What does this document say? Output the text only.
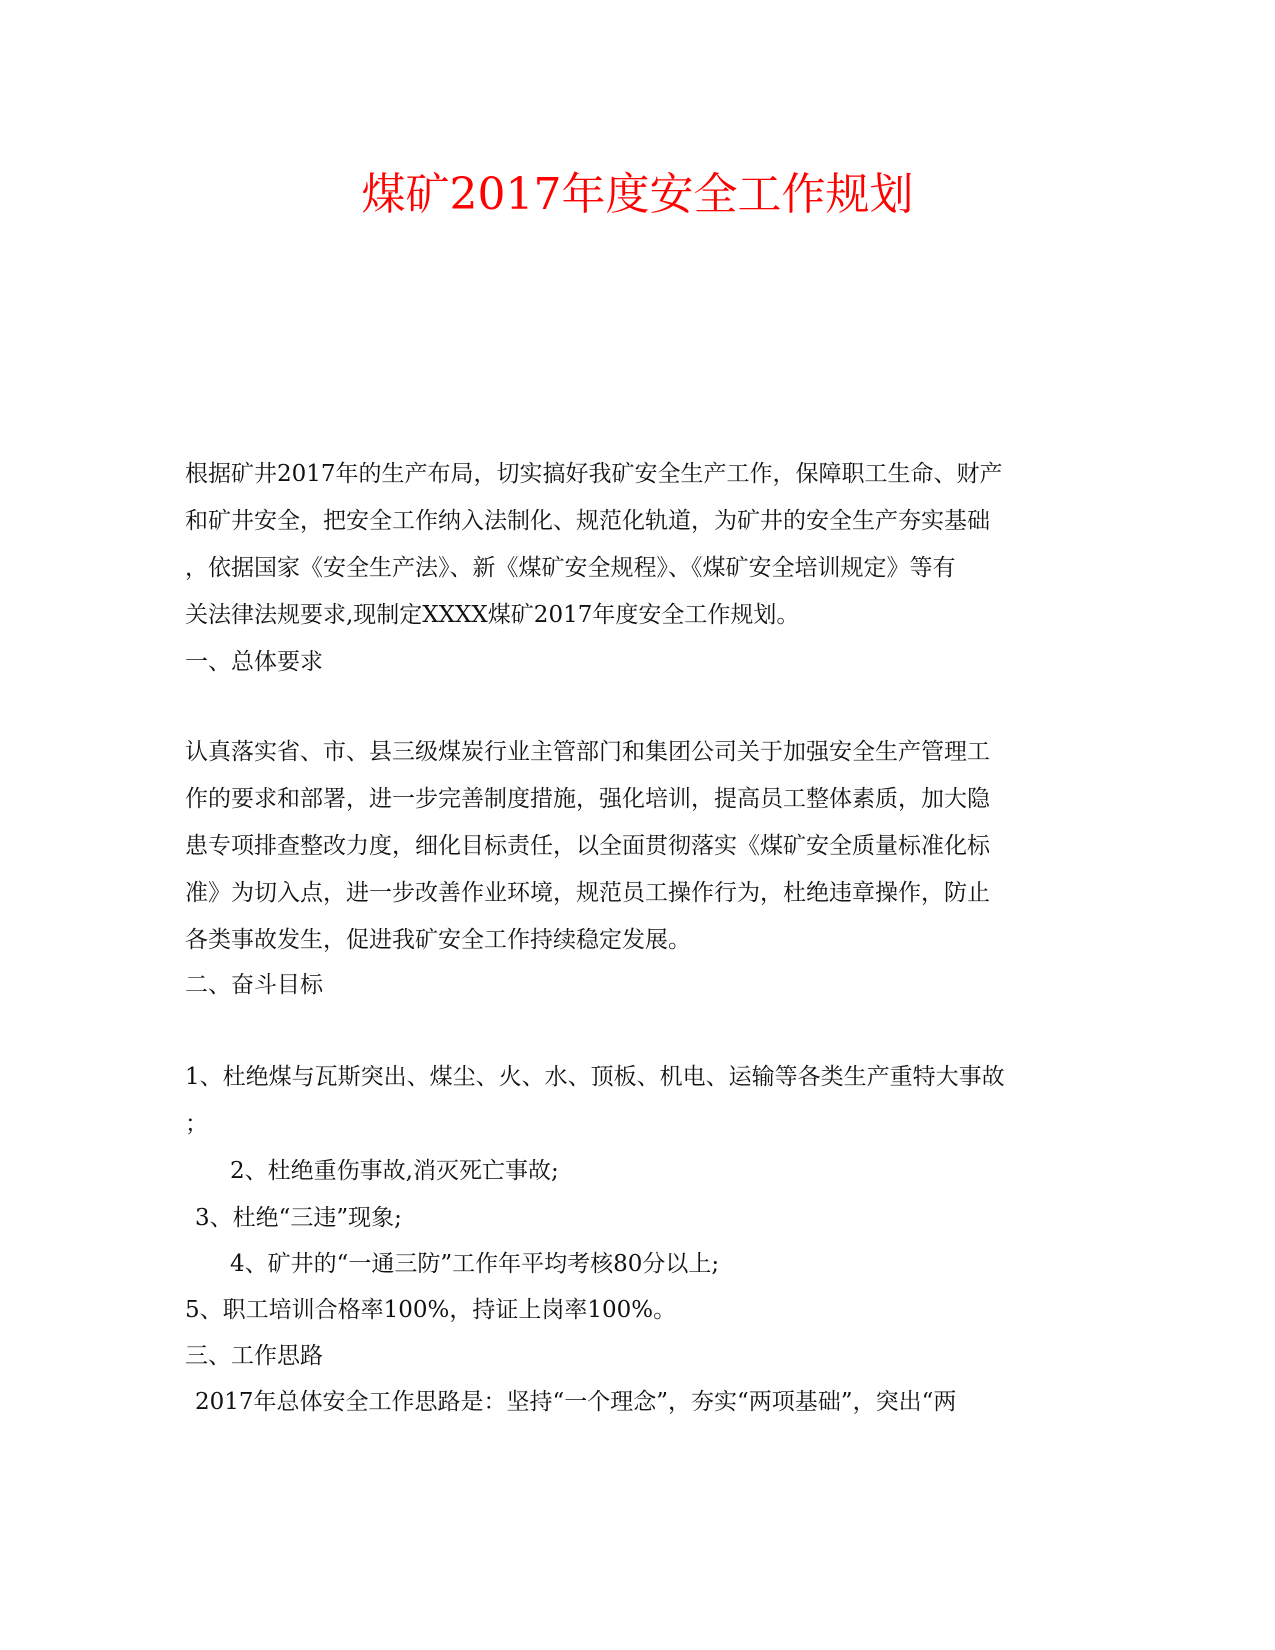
煤矿2017年度安全工作规划

根据矿井2017年的生产布局，切实搞好我矿安全生产工作，保障职工生命、财产

和矿井安全，把安全工作纳入法制化、规范化轨道，为矿井的安全生产夯实基础

，依据国家《安全生产法》、新《煤矿安全规程》、《煤矿安全培训规定》等有

关法律法规要求,现制定XXXX煤矿2017年度安全工作规划。

一、总体要求

认真落实省、市、县三级煤炭行业主管部门和集团公司关于加强安全生产管理工

作的要求和部署，进一步完善制度措施，强化培训，提高员工整体素质，加大隐

患专项排查整改力度，细化目标责任，以全面贯彻落实《煤矿安全质量标准化标

准》为切入点，进一步改善作业环境，规范员工操作行为，杜绝违章操作，防止

各类事故发生，促进我矿安全工作持续稳定发展。

二、奋斗目标

1、杜绝煤与瓦斯突出、煤尘、火、水、顶板、机电、运输等各类生产重特大事故

；

2、杜绝重伤事故,消灭死亡事故;

3、杜绝“三违”现象;

4、矿井的“一通三防”工作年平均考核80分以上;

5、职工培训合格率100%，持证上岗率100%。

三、工作思路

2017年总体安全工作思路是：坚持“一个理念”，夯实“两项基础”，突出“两
